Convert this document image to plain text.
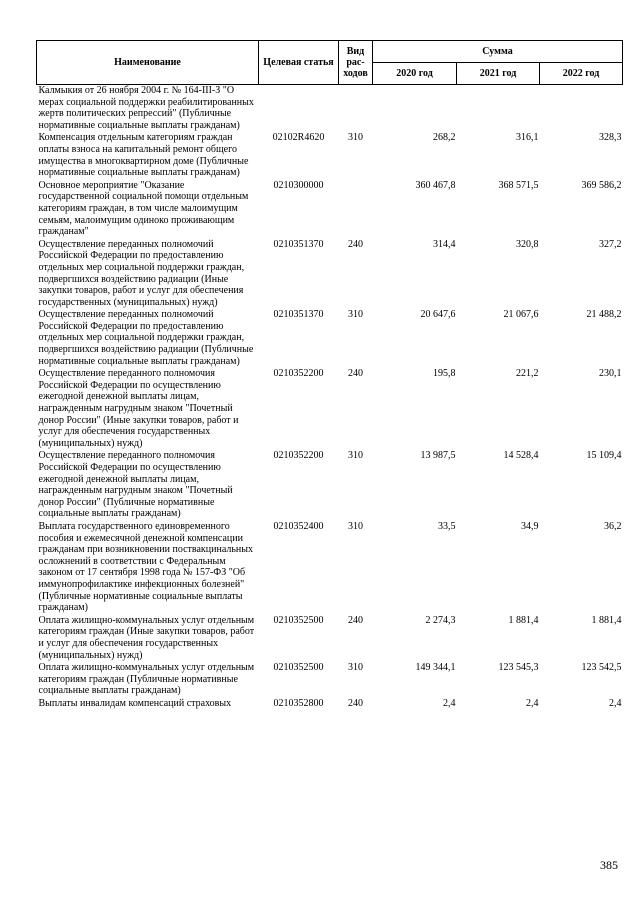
Наименование	Целевая статья	Вид рас-ходов	Сумма		
			2020 год	2021 год	2022 год
Калмыкия от 26 ноября 2004 г. № 164-III-З "О мерах социальной поддержки реабилитированных жертв политических репрессий" (Публичные нормативные социальные выплаты гражданам)					
Компенсация отдельным категориям граждан оплаты взноса на капитальный ремонт общего имущества в многоквартирном доме (Публичные нормативные социальные выплаты гражданам)	02102R4620	310	268,2	316,1	328,3
Основное мероприятие "Оказание государственной социальной помощи отдельным категориям граждан, в том числе малоимущим семьям, малоимущим одиноко проживающим гражданам"	0210300000		360 467,8	368 571,5	369 586,2
Осуществление переданных полномочий Российской Федерации по предоставлению отдельных мер социальной поддержки граждан, подвергшихся воздействию радиации (Иные закупки товаров, работ и услуг для обеспечения государственных (муниципальных) нужд)	0210351370	240	314,4	320,8	327,2
Осуществление переданных полномочий Российской Федерации по предоставлению отдельных мер социальной поддержки граждан, подвергшихся воздействию радиации (Публичные нормативные социальные выплаты гражданам)	0210351370	310	20 647,6	21 067,6	21 488,2
Осуществление переданного полномочия Российской Федерации по осуществлению ежегодной денежной выплаты лицам, награжденным нагрудным знаком "Почетный донор России" (Иные закупки товаров, работ и услуг для обеспечения государственных (муниципальных) нужд)	0210352200	240	195,8	221,2	230,1
Осуществление переданного полномочия Российской Федерации по осуществлению ежегодной денежной выплаты лицам, награжденным нагрудным знаком "Почетный донор России" (Публичные нормативные социальные выплаты гражданам)	0210352200	310	13 987,5	14 528,4	15 109,4
Выплата государственного единовременного пособия и ежемесячной денежной компенсации гражданам при возникновении поствакцинальных осложнений в соответствии с Федеральным законом от 17 сентября 1998 года № 157-ФЗ "Об иммунопрофилактике инфекционных болезней" (Публичные нормативные социальные выплаты гражданам)	0210352400	310	33,5	34,9	36,2
Оплата жилищно-коммунальных услуг отдельным категориям граждан (Иные закупки товаров, работ и услуг для обеспечения государственных (муниципальных) нужд)	0210352500	240	2 274,3	1 881,4	1 881,4
Оплата жилищно-коммунальных услуг отдельным категориям граждан (Публичные нормативные социальные выплаты гражданам)	0210352500	310	149 344,1	123 545,3	123 542,5
Выплаты инвалидам компенсаций страховых	0210352800	240	2,4	2,4	2,4
385
